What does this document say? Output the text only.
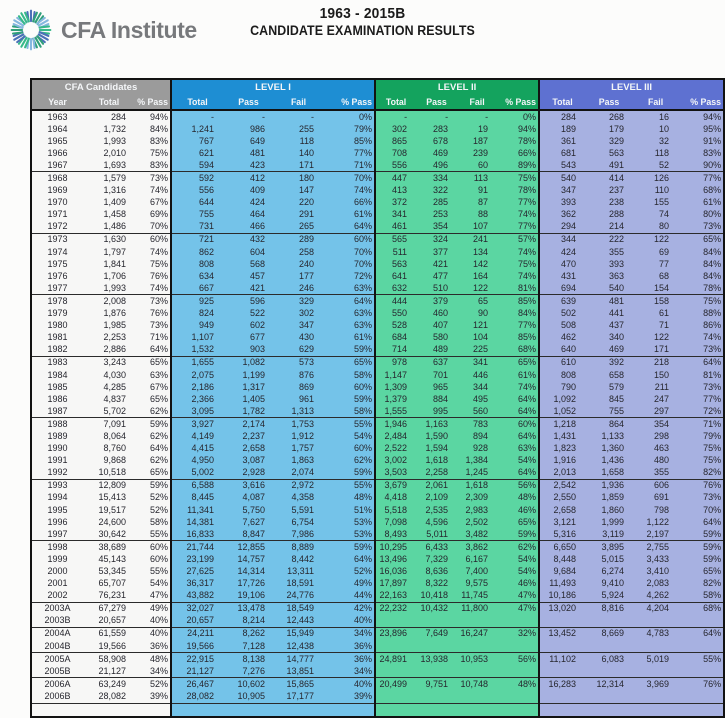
CFA Institute
1963 - 2015B
CANDIDATE EXAMINATION RESULTS
CFA Candidates			LEVEL I				LEVEL II				LEVEL III			
Year	Total	% Pass	Total	Pass	Fail	% Pass	Total	Pass	Fail	% Pass	Total	Pass	Fail	% Pass
1963	284	94%	-	-	-	0%	-	-	-	0%	284	268	16	94%
1964	1,732	84%	1,241	986	255	79%	302	283	19	94%	189	179	10	95%
1965	1,993	83%	767	649	118	85%	865	678	187	78%	361	329	32	91%
1966	2,010	75%	621	481	140	77%	708	469	239	66%	681	563	118	83%
1967	1,693	83%	594	423	171	71%	556	496	60	89%	543	491	52	90%
1968	1,579	73%	592	412	180	70%	447	334	113	75%	540	414	126	77%
1969	1,316	74%	556	409	147	74%	413	322	91	78%	347	237	110	68%
1970	1,409	67%	644	424	220	66%	372	285	87	77%	393	238	155	61%
1971	1,458	69%	755	464	291	61%	341	253	88	74%	362	288	74	80%
1972	1,486	70%	731	466	265	64%	461	354	107	77%	294	214	80	73%
1973	1,630	60%	721	432	289	60%	565	324	241	57%	344	222	122	65%
1974	1,797	74%	862	604	258	70%	511	377	134	74%	424	355	69	84%
1975	1,841	75%	808	568	240	70%	563	421	142	75%	470	393	77	84%
1976	1,706	76%	634	457	177	72%	641	477	164	74%	431	363	68	84%
1977	1,993	74%	667	421	246	63%	632	510	122	81%	694	540	154	78%
1978	2,008	73%	925	596	329	64%	444	379	65	85%	639	481	158	75%
1979	1,876	76%	824	522	302	63%	550	460	90	84%	502	441	61	88%
1980	1,985	73%	949	602	347	63%	528	407	121	77%	508	437	71	86%
1981	2,253	71%	1,107	677	430	61%	684	580	104	85%	462	340	122	74%
1982	2,886	64%	1,532	903	629	59%	714	489	225	68%	640	469	171	73%
1983	3,243	65%	1,655	1,082	573	65%	978	637	341	65%	610	392	218	64%
1984	4,030	63%	2,075	1,199	876	58%	1,147	701	446	61%	808	658	150	81%
1985	4,285	67%	2,186	1,317	869	60%	1,309	965	344	74%	790	579	211	73%
1986	4,837	65%	2,366	1,405	961	59%	1,379	884	495	64%	1,092	845	247	77%
1987	5,702	62%	3,095	1,782	1,313	58%	1,555	995	560	64%	1,052	755	297	72%
1988	7,091	59%	3,927	2,174	1,753	55%	1,946	1,163	783	60%	1,218	864	354	71%
1989	8,064	62%	4,149	2,237	1,912	54%	2,484	1,590	894	64%	1,431	1,133	298	79%
1990	8,760	64%	4,415	2,658	1,757	60%	2,522	1,594	928	63%	1,823	1,360	463	75%
1991	9,868	62%	4,950	3,087	1,863	62%	3,002	1,618	1,384	54%	1,916	1,436	480	75%
1992	10,518	65%	5,002	2,928	2,074	59%	3,503	2,258	1,245	64%	2,013	1,658	355	82%
1993	12,809	59%	6,588	3,616	2,972	55%	3,679	2,061	1,618	56%	2,542	1,936	606	76%
1994	15,413	52%	8,445	4,087	4,358	48%	4,418	2,109	2,309	48%	2,550	1,859	691	73%
1995	19,517	52%	11,341	5,750	5,591	51%	5,518	2,535	2,983	46%	2,658	1,860	798	70%
1996	24,600	58%	14,381	7,627	6,754	53%	7,098	4,596	2,502	65%	3,121	1,999	1,122	64%
1997	30,642	55%	16,833	8,847	7,986	53%	8,493	5,011	3,482	59%	5,316	3,119	2,197	59%
1998	38,689	60%	21,744	12,855	8,889	59%	10,295	6,433	3,862	62%	6,650	3,895	2,755	59%
1999	45,143	60%	23,199	14,757	8,442	64%	13,496	7,329	6,167	54%	8,448	5,015	3,433	59%
2000	53,345	55%	27,625	14,314	13,311	52%	16,036	8,636	7,400	54%	9,684	6,274	3,410	65%
2001	65,707	54%	36,317	17,726	18,591	49%	17,897	8,322	9,575	46%	11,493	9,410	2,083	82%
2002	76,231	47%	43,882	19,106	24,776	44%	22,163	10,418	11,745	47%	10,186	5,924	4,262	58%
2003A	67,279	49%	32,027	13,478	18,549	42%	22,232	10,432	11,800	47%	13,020	8,816	4,204	68%
2003B	20,657	40%	20,657	8,214	12,443	40%								
2004A	61,559	40%	24,211	8,262	15,949	34%	23,896	7,649	16,247	32%	13,452	8,669	4,783	64%
2004B	19,566	36%	19,566	7,128	12,438	36%								
2005A	58,908	48%	22,915	8,138	14,777	36%	24,891	13,938	10,953	56%	11,102	6,083	5,019	55%
2005B	21,127	34%	21,127	7,276	13,851	34%								
2006A	63,249	52%	26,467	10,602	15,865	40%	20,499	9,751	10,748	48%	16,283	12,314	3,969	76%
2006B	28,082	39%	28,082	10,905	17,177	39%								
